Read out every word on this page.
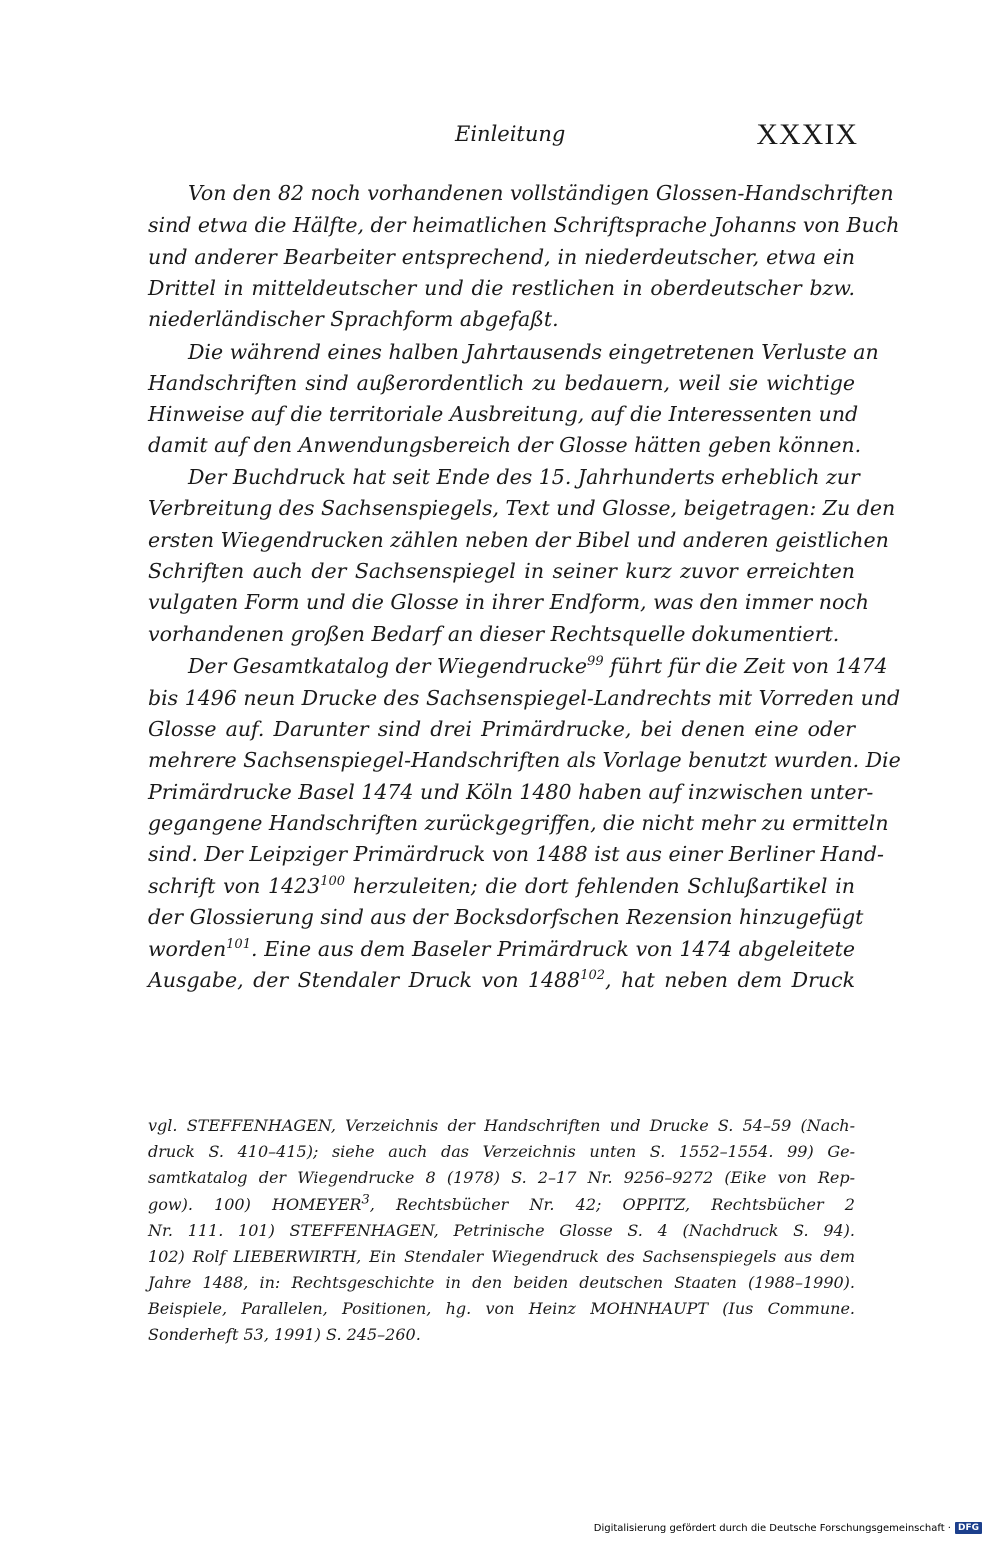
Einleitung	XXXIX
Von den 82 noch vorhandenen vollständigen Glossen-Handschriften
sind etwa die Hälfte, der heimatlichen Schriftsprache Johanns von Buch
und anderer Bearbeiter entsprechend, in niederdeutscher, etwa ein
Drittel in mitteldeutscher und die restlichen in oberdeutscher bzw.
niederländischer Sprachform abgefaßt.
Die während eines halben Jahrtausends eingetretenen Verluste an
Handschriften sind außerordentlich zu bedauern, weil sie wichtige
Hinweise auf die territoriale Ausbreitung, auf die Interessenten und
damit auf den Anwendungsbereich der Glosse hätten geben können.
Der Buchdruck hat seit Ende des 15. Jahrhunderts erheblich zur
Verbreitung des Sachsenspiegels, Text und Glosse, beigetragen: Zu den
ersten Wiegendrucken zählen neben der Bibel und anderen geistlichen
Schriften auch der Sachsenspiegel in seiner kurz zuvor erreichten
vulgaten Form und die Glosse in ihrer Endform, was den immer noch
vorhandenen großen Bedarf an dieser Rechtsquelle dokumentiert.
Der Gesamtkatalog der Wiegendrucke$^{99}$ führt für die Zeit von 1474
bis 1496 neun Drucke des Sachsenspiegel-Landrechts mit Vorreden und
Glosse auf. Darunter sind drei Primärdrucke, bei denen eine oder
mehrere Sachsenspiegel-Handschriften als Vorlage benutzt wurden. Die
Primärdrucke Basel 1474 und Köln 1480 haben auf inzwischen unter-
gegangene Handschriften zurückgegriffen, die nicht mehr zu ermitteln
sind. Der Leipziger Primärdruck von 1488 ist aus einer Berliner Hand-
schrift von 1423$^{100}$ herzuleiten; die dort fehlenden Schlußartikel in
der Glossierung sind aus der Bocksdorfschen Rezension hinzugefügt
worden$^{101}$. Eine aus dem Baseler Primärdruck von 1474 abgeleitete
Ausgabe, der Stendaler Druck von 1488$^{102}$, hat neben dem Druck
vgl. STEFFENHAGEN, Verzeichnis der Handschriften und Drucke S. 54–59 (Nach-
druck S. 410–415); siehe auch das Verzeichnis unten S. 1552–1554. 99) Ge-
samtkatalog der Wiegendrucke 8 (1978) S. 2–17 Nr. 9256–9272 (Eike von Rep-
gow). 100) HOMEYER$^3$, Rechtsbücher Nr. 42; OPPITZ, Rechtsbücher 2
Nr. 111. 101) STEFFENHAGEN, Petrinische Glosse S. 4 (Nachdruck S. 94).
102) Rolf LIEBERWIRTH, Ein Stendaler Wiegendruck des Sachsenspiegels aus dem
Jahre 1488, in: Rechtsgeschichte in den beiden deutschen Staaten (1988–1990).
Beispiele, Parallelen, Positionen, hg. von Heinz MOHNHAUPT (Ius Commune.
Sonderheft 53, 1991) S. 245–260.
Digitalisierung gefördert durch die Deutsche Forschungsgemeinschaft · DFG
